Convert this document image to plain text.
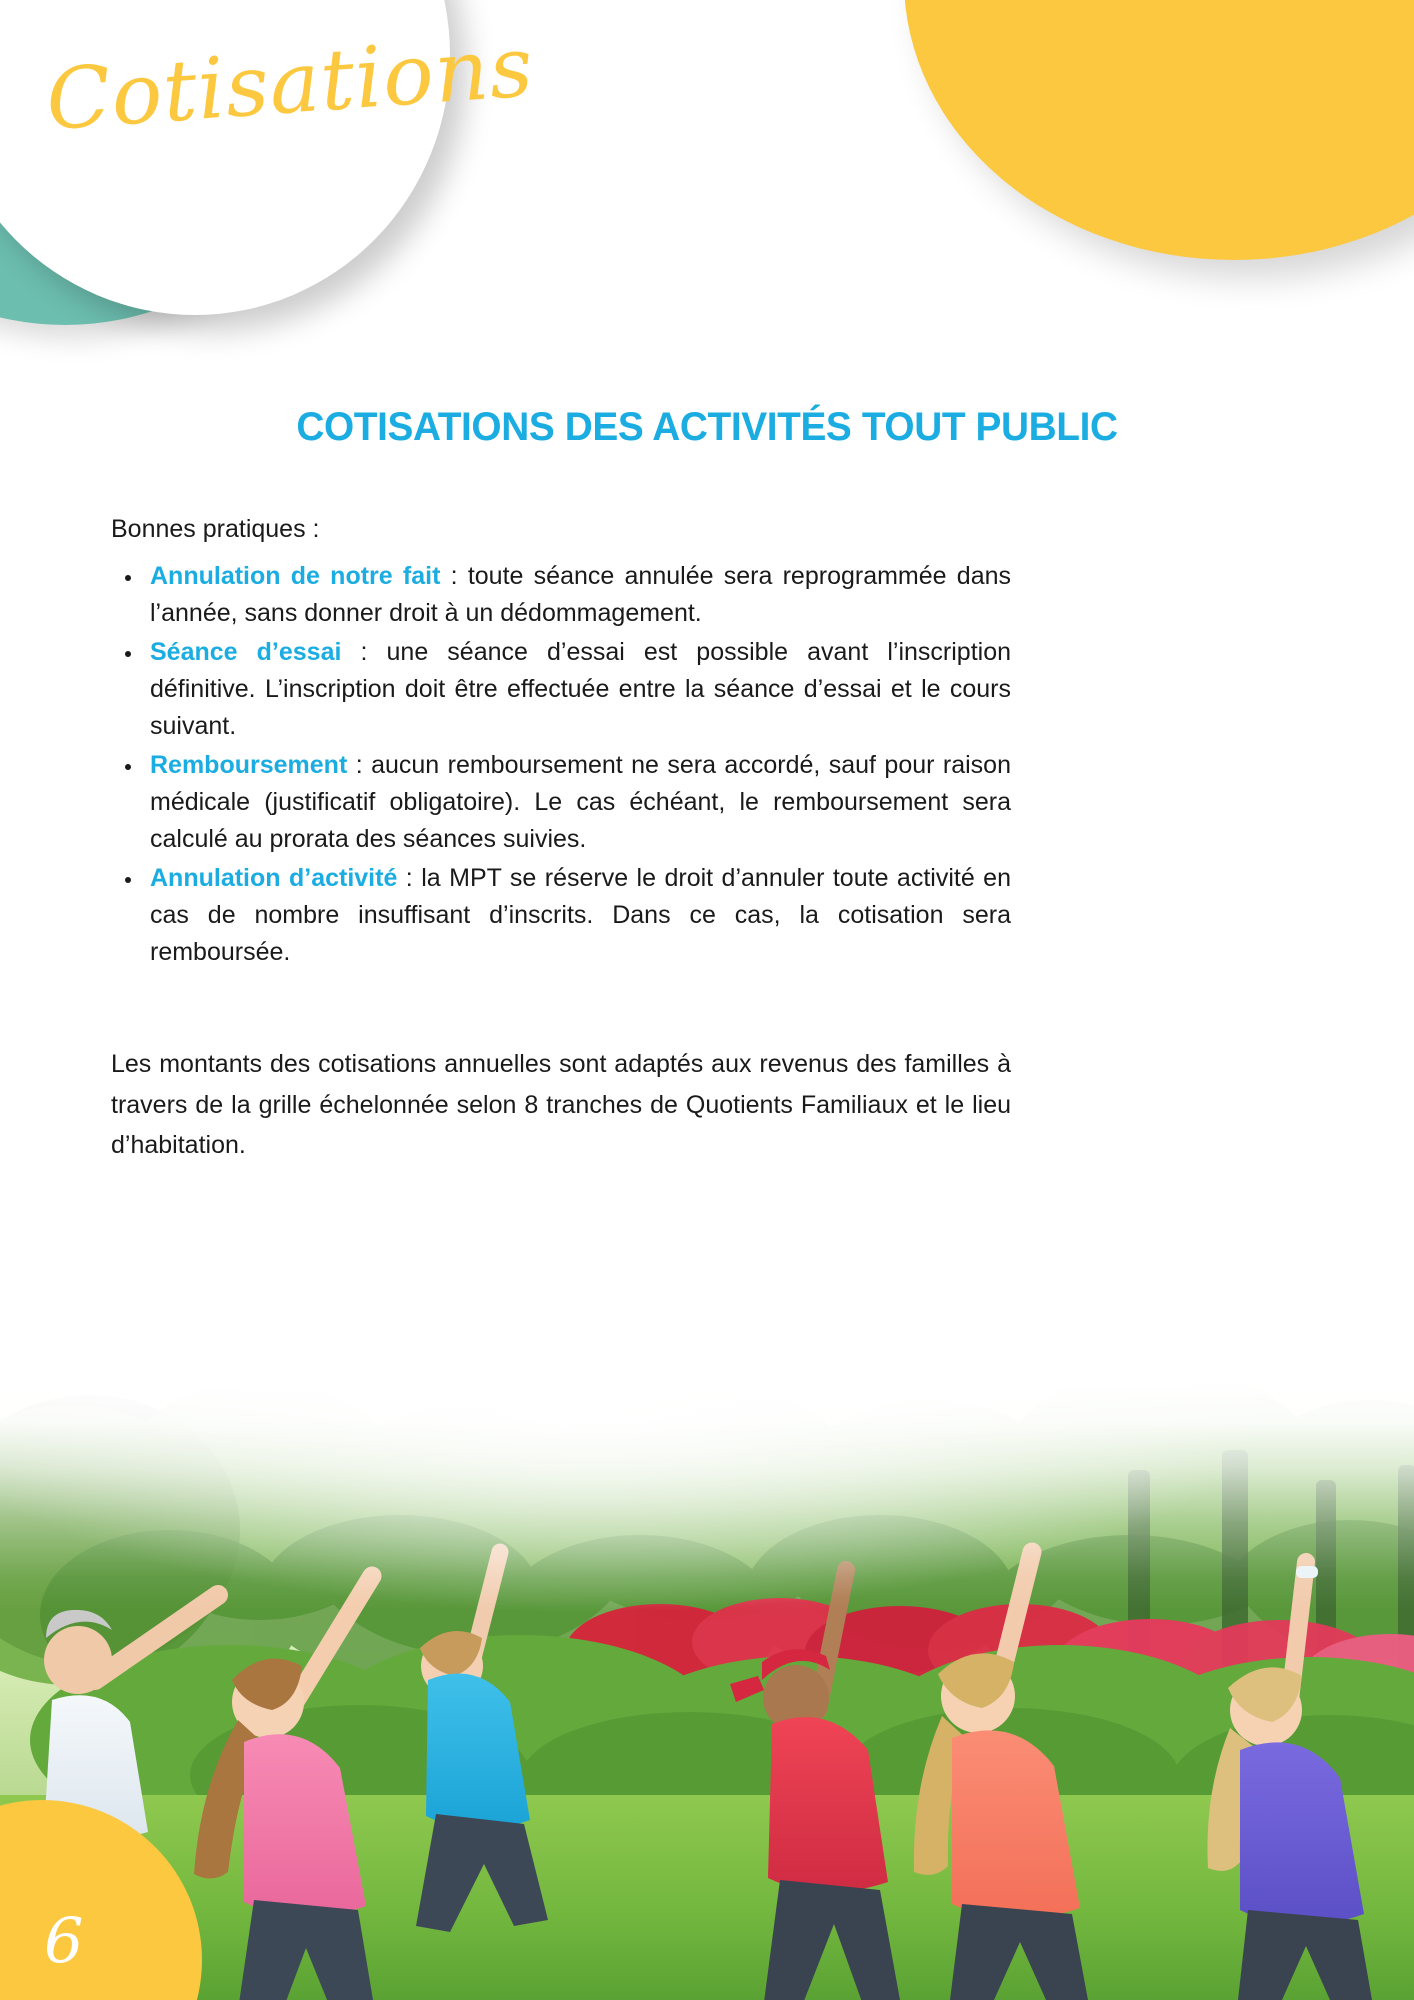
Cotisations
COTISATIONS DES ACTIVITÉS TOUT PUBLIC

Bonnes pratiques :

Annulation de notre fait : toute séance annulée sera reprogrammée dans l’année, sans donner droit à un dédommagement.
Séance d’essai : une séance d’essai est possible avant l’inscription définitive. L’inscription doit être effectuée entre la séance d’essai et le cours suivant.
Remboursement : aucun remboursement ne sera accordé, sauf pour raison médicale (justificatif obligatoire). Le cas échéant, le remboursement sera calculé au prorata des séances suivies.
Annulation d’activité : la MPT se réserve le droit d’annuler toute activité en cas de nombre insuffisant d’inscrits. Dans ce cas, la cotisation sera remboursée.

Les montants des cotisations annuelles sont adaptés aux revenus des familles à travers de la grille échelonnée selon 8 tranches de Quotients Familiaux et le lieu d’habitation.

6
